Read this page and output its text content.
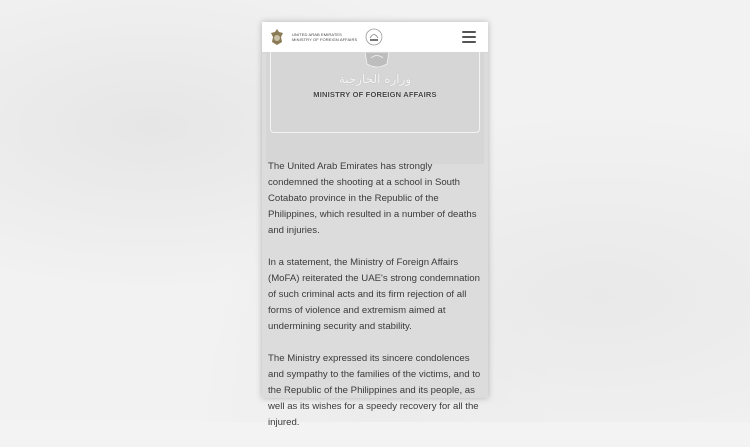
UNITED ARAB EMIRATES
MINISTRY OF FOREIGN AFFAIRS
وزارة الخارجية
MINISTRY OF FOREIGN AFFAIRS

The United Arab Emirates has strongly condemned the shooting at a school in South Cotabato province in the Republic of the Philippines, which resulted in a number of deaths and injuries.

In a statement, the Ministry of Foreign Affairs (MoFA) reiterated the UAE's strong condemnation of such criminal acts and its firm rejection of all forms of violence and extremism aimed at undermining security and stability.

The Ministry expressed its sincere condolences and sympathy to the families of the victims, and to the Republic of the Philippines and its people, as well as its wishes for a speedy recovery for all the injured.
